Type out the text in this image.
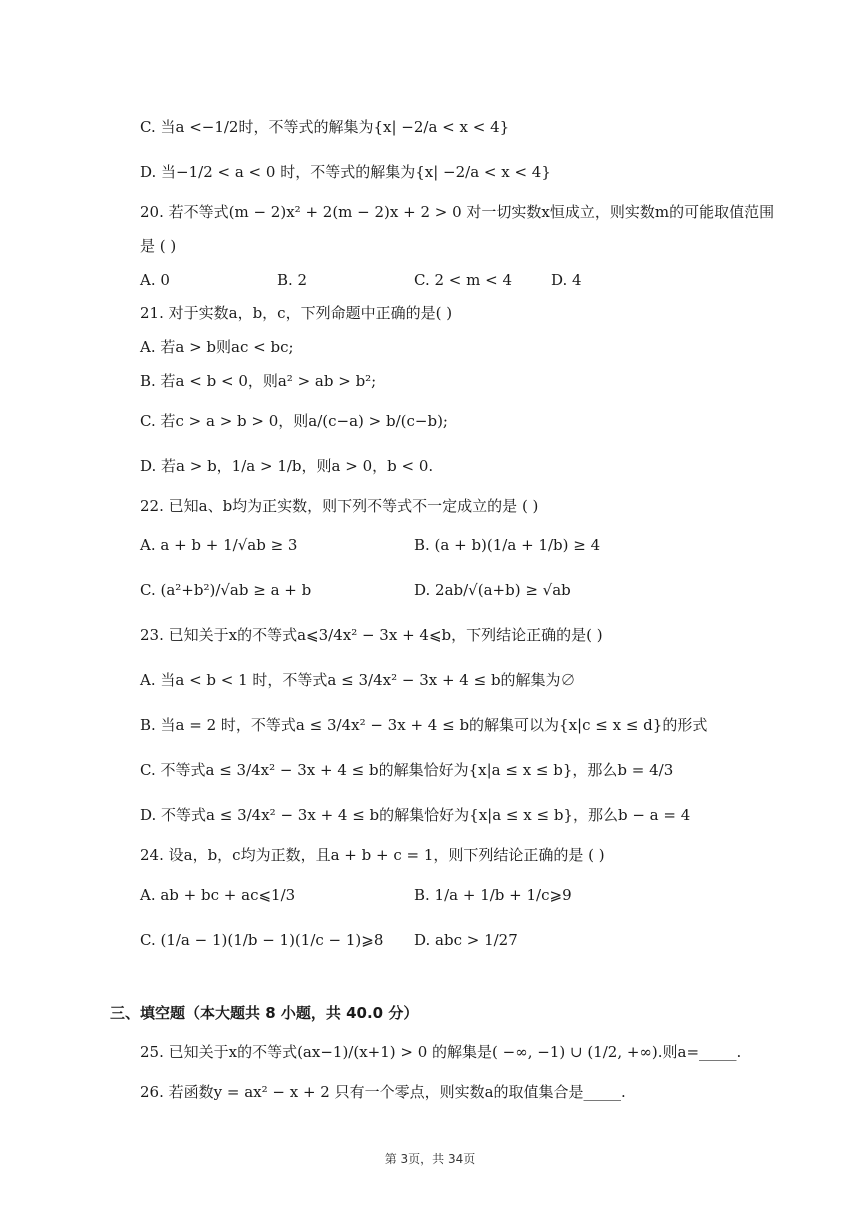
C. 当a <−1/2时，不等式的解集为{x| −2/a < x < 4}
D. 当−1/2 < a < 0 时，不等式的解集为{x| −2/a < x < 4}
20. 若不等式(m − 2)x² + 2(m − 2)x + 2 > 0 对一切实数x恒成立，则实数m的可能取值范围
是 ( )
A. 0	B. 2	C. 2 < m < 4	D. 4
21. 对于实数a，b，c，下列命题中正确的是( )
A. 若a > b则ac < bc;
B. 若a < b < 0，则a² > ab > b²;
C. 若c > a > b > 0，则a/(c−a) > b/(c−b);
D. 若a > b，1/a > 1/b，则a > 0，b < 0.
22. 已知a、b均为正实数，则下列不等式不一定成立的是 ( )
A. a + b + 1/√ab ≥ 3	B. (a + b)(1/a + 1/b) ≥ 4
C. (a²+b²)/√ab ≥ a + b	D. 2ab/√(a+b) ≥ √ab
23. 已知关于x的不等式a⩽3/4x² − 3x + 4⩽b，下列结论正确的是( )
A. 当a < b < 1 时，不等式a ≤ 3/4x² − 3x + 4 ≤ b的解集为∅
B. 当a = 2 时，不等式a ≤ 3/4x² − 3x + 4 ≤ b的解集可以为{x|c ≤ x ≤ d}的形式
C. 不等式a ≤ 3/4x² − 3x + 4 ≤ b的解集恰好为{x|a ≤ x ≤ b}，那么b = 4/3
D. 不等式a ≤ 3/4x² − 3x + 4 ≤ b的解集恰好为{x|a ≤ x ≤ b}，那么b − a = 4
24. 设a，b，c均为正数，且a + b + c = 1，则下列结论正确的是 ( )
A. ab + bc + ac⩽1/3	B. 1/a + 1/b + 1/c⩾9
C. (1/a − 1)(1/b − 1)(1/c − 1)⩾8 D. abc > 1/27
三、填空题（本大题共 8 小题，共 40.0 分）
25. 已知关于x的不等式(ax−1)/(x+1) > 0 的解集是( −∞, −1) ∪ (1/2, +∞).则a=_____.
26. 若函数y = ax² − x + 2 只有一个零点，则实数a的取值集合是_____.
第 3页，共 34页
